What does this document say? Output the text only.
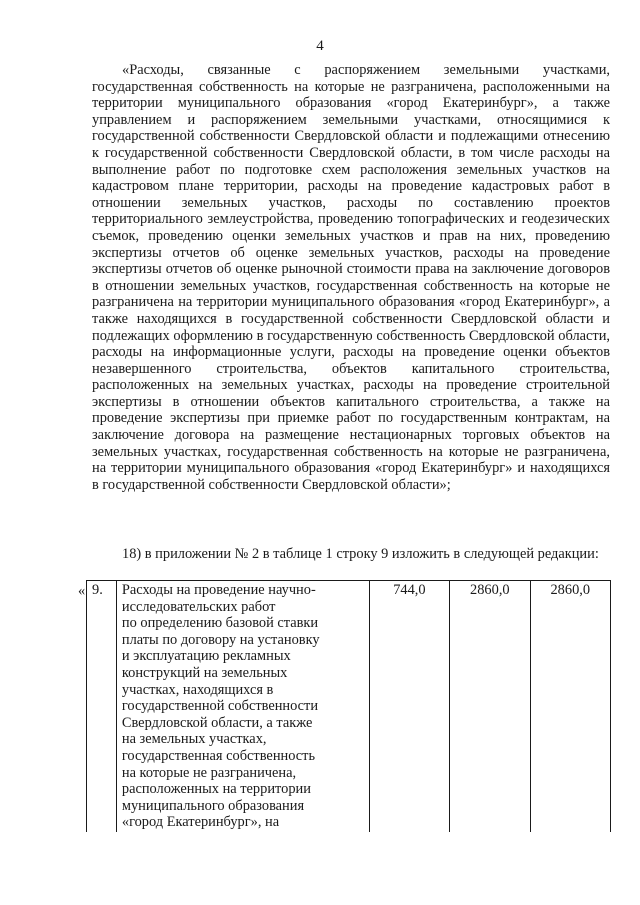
4

«Расходы, связанные с распоряжением земельными участками, государственная собственность на которые не разграничена, расположенными на территории муниципального образования «город Екатеринбург», а также управлением и распоряжением земельными участками, относящимися к государственной собственности Свердловской области и подлежащими отнесению к государственной собственности Свердловской области, в том числе расходы на выполнение работ по подготовке схем расположения земельных участков на кадастровом плане территории, расходы на проведение кадастровых работ в отношении земельных участков, расходы по составлению проектов территориального землеустройства, проведению топографических и геодезических съемок, проведению оценки земельных участков и прав на них, проведению экспертизы отчетов об оценке земельных участков, расходы на проведение экспертизы отчетов об оценке рыночной стоимости права на заключение договоров в отношении земельных участков, государственная собственность на которые не разграничена на территории муниципального образования «город Екатеринбург», а также находящихся в государственной собственности Свердловской области и подлежащих оформлению в государственную собственность Свердловской области, расходы на информационные услуги, расходы на проведение оценки объектов незавершенного строительства, объектов капитального строительства, расположенных на земельных участках, расходы на проведение строительной экспертизы в отношении объектов капитального строительства, а также на проведение экспертизы при приемке работ по государственным контрактам, на заключение договора на размещение нестационарных торговых объектов на земельных участках, государственная собственность на которые не разграничена, на территории муниципального образования «город Екатеринбург» и находящихся в государственной собственности Свердловской области»;

18) в приложении № 2 в таблице 1 строку 9 изложить в следующей редакции:
« 9.	Расходы на проведение научно-
исследовательских работ
по определению базовой ставки
платы по договору на установку
и эксплуатацию рекламных
конструкций на земельных
участках, находящихся в
государственной собственности
Свердловской области, а также
на земельных участках,
государственная собственность
на которые не разграничена,
расположенных на территории
муниципального образования
«город Екатеринбург», на
	744,0	2860,0	2860,0
